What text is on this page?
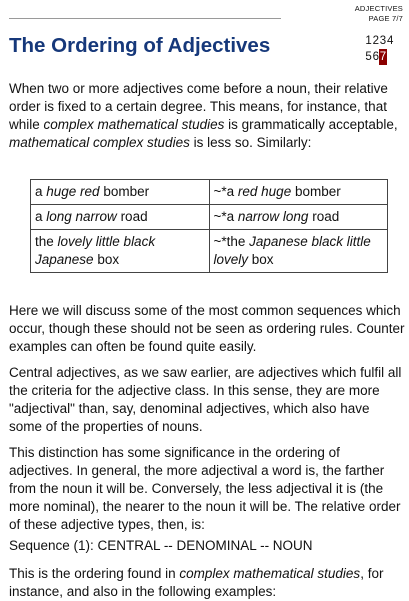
ADJECTIVES
PAGE 7/7
1 2 3 4
5 6 7
The Ordering of Adjectives

When two or more adjectives come before a noun, their relative order is fixed to a certain degree. This means, for instance, that while complex mathematical studies is grammatically acceptable, mathematical complex studies is less so. Similarly:

a huge red bomber	~*a red huge bomber
a long narrow road	~*a narrow long road
the lovely little black Japanese box	~*the Japanese black little lovely box

Here we will discuss some of the most common sequences which occur, though these should not be seen as ordering rules. Counter examples can often be found quite easily.

Central adjectives, as we saw earlier, are adjectives which fulfil all the criteria for the adjective class. In this sense, they are more "adjectival" than, say, denominal adjectives, which also have some of the properties of nouns.

This distinction has some significance in the ordering of adjectives. In general, the more adjectival a word is, the farther from the noun it will be. Conversely, the less adjectival it is (the more nominal), the nearer to the noun it will be. The relative order of these adjective types, then, is:

Sequence (1): CENTRAL -- DENOMINAL -- NOUN

This is the ordering found in complex mathematical studies, for instance, and also in the following examples:
